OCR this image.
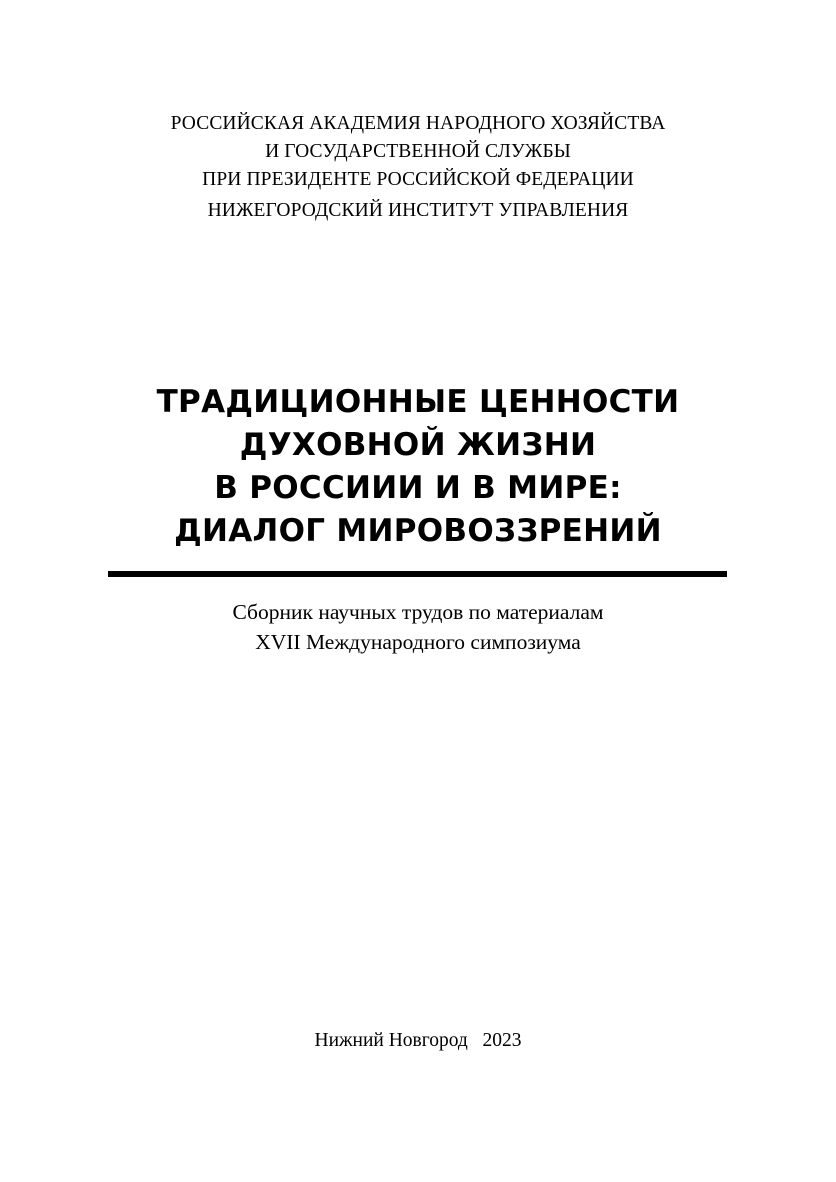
РОССИЙСКАЯ АКАДЕМИЯ НАРОДНОГО ХОЗЯЙСТВА
И ГОСУДАРСТВЕННОЙ СЛУЖБЫ
ПРИ ПРЕЗИДЕНТЕ РОССИЙСКОЙ ФЕДЕРАЦИИ
НИЖЕГОРОДСКИЙ ИНСТИТУТ УПРАВЛЕНИЯ
ТРАДИЦИОННЫЕ ЦЕННОСТИ
ДУХОВНОЙ ЖИЗНИ
В РОССИИИ И В МИРЕ:
ДИАЛОГ МИРОВОЗЗРЕНИЙ
Сборник научных трудов по материалам
XVII Международного симпозиума
Нижний Новгород 2023
